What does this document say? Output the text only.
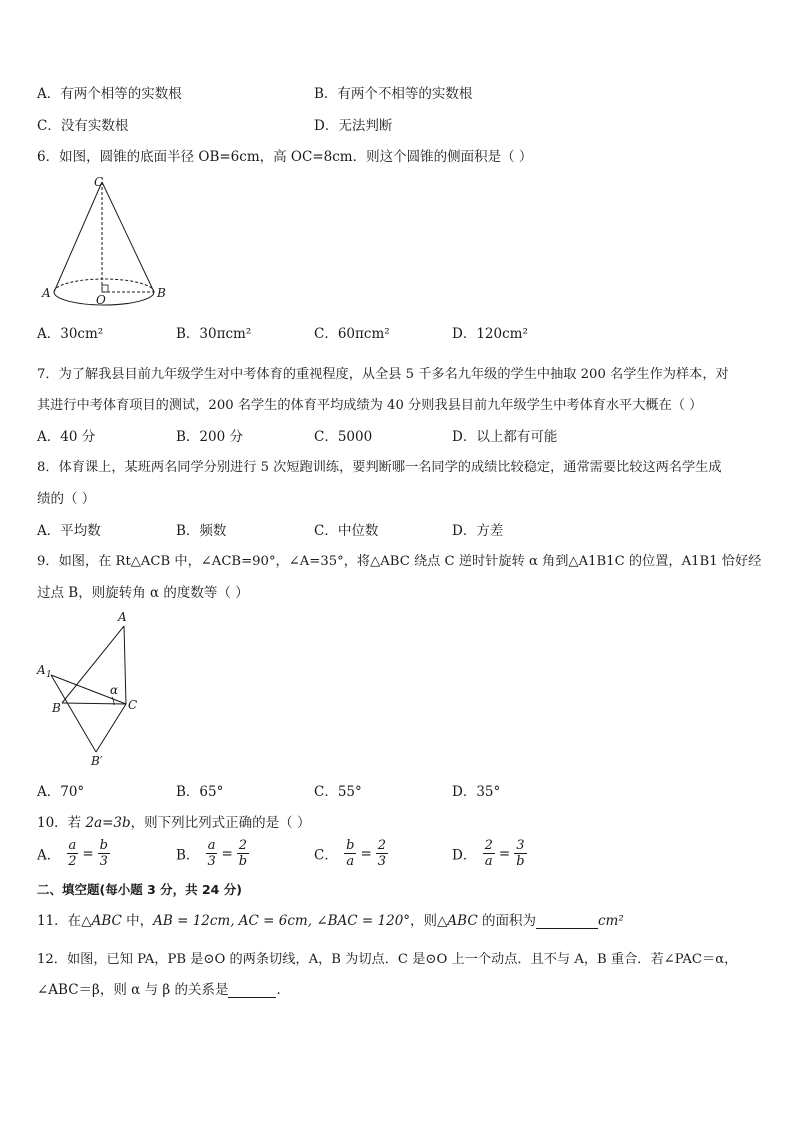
A．有两个相等的实数根	B．有两个不相等的实数根
C．没有实数根	D．无法判断
6．如图，圆锥的底面半径 OB=6cm，高 OC=8cm．则这个圆锥的侧面积是（ ）
C
A	O	B
A．30cm²	B．30πcm²	C．60πcm²	D．120cm²
7．为了解我县目前九年级学生对中考体育的重视程度，从全县 5 千多名九年级的学生中抽取 200 名学生作为样本，对
其进行中考体育项目的测试，200 名学生的体育平均成绩为 40 分则我县目前九年级学生中考体育水平大概在（ ）
A．40 分	B．200 分	C．5000	D．以上都有可能
8．体育课上，某班两名同学分别进行 5 次短跑训练，要判断哪一名同学的成绩比较稳定，通常需要比较这两名学生成
绩的（ ）
A．平均数	B．频数	C．中位数	D．方差
9．如图，在 Rt△ACB 中，∠ACB=90°，∠A=35°，将△ABC 绕点 C 逆时针旋转 α 角到△A1B1C 的位置，A1B1 恰好经
过点 B，则旋转角 α 的度数等（ ）
A
A 1
α
B	C
B′
A．70°	B．65°	C．55°	D．35°
10．若 2a=3b，则下列比列式正确的是（ ）
A． $\frac{a}{2} = \frac{b}{3}$	B． $\frac{a}{3} = \frac{2}{b}$	C． $\frac{b}{a} = \frac{2}{3}$	D． $\frac{2}{a} = \frac{3}{b}$
二、填空题(每小题 3 分，共 24 分)
11．在△ABC 中，AB = 12cm, AC = 6cm, ∠BAC = 120°，则△ABC 的面积为	cm²
12．如图，已知 PA，PB 是⊙O 的两条切线，A，B 为切点．C 是⊙O 上一个动点．且不与 A，B 重合．若∠PAC＝α，
∠ABC＝β，则 α 与 β 的关系是	．
